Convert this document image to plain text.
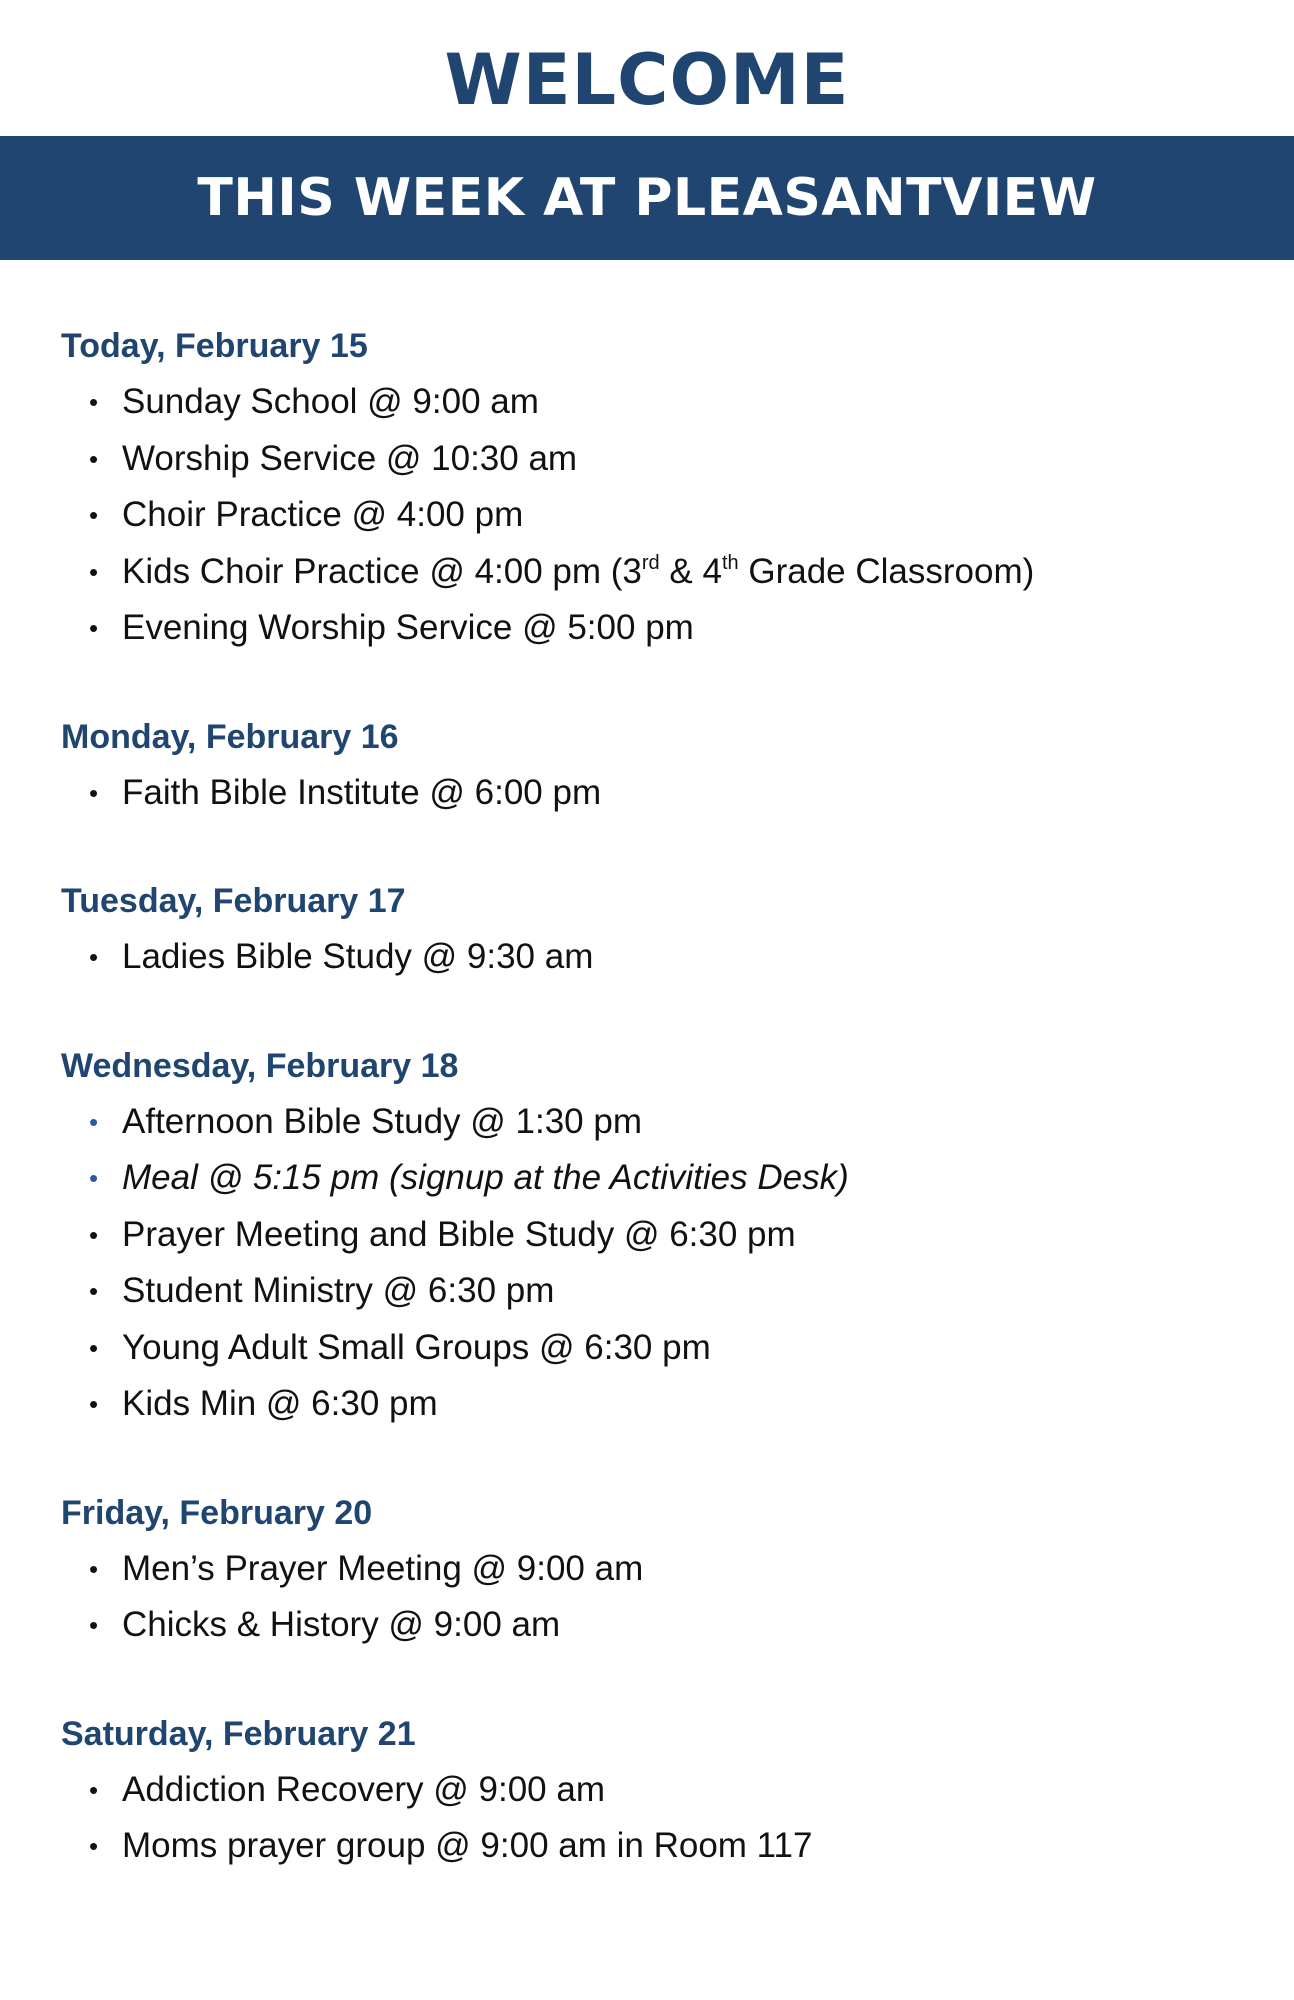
WELCOME
THIS WEEK AT PLEASANTVIEW
Today, February 15
• Sunday School @ 9:00 am
• Worship Service @ 10:30 am
• Choir Practice @ 4:00 pm
• Kids Choir Practice @ 4:00 pm (3rd & 4th Grade Classroom)
• Evening Worship Service @ 5:00 pm
Monday, February 16
• Faith Bible Institute @ 6:00 pm
Tuesday, February 17
• Ladies Bible Study @ 9:30 am
Wednesday, February 18
• Afternoon Bible Study @ 1:30 pm
• Meal @ 5:15 pm (signup at the Activities Desk)
• Prayer Meeting and Bible Study @ 6:30 pm
• Student Ministry @ 6:30 pm
• Young Adult Small Groups @ 6:30 pm
• Kids Min @ 6:30 pm
Friday, February 20
• Men’s Prayer Meeting @ 9:00 am
• Chicks & History @ 9:00 am
Saturday, February 21
• Addiction Recovery @ 9:00 am
• Moms prayer group @ 9:00 am in Room 117
